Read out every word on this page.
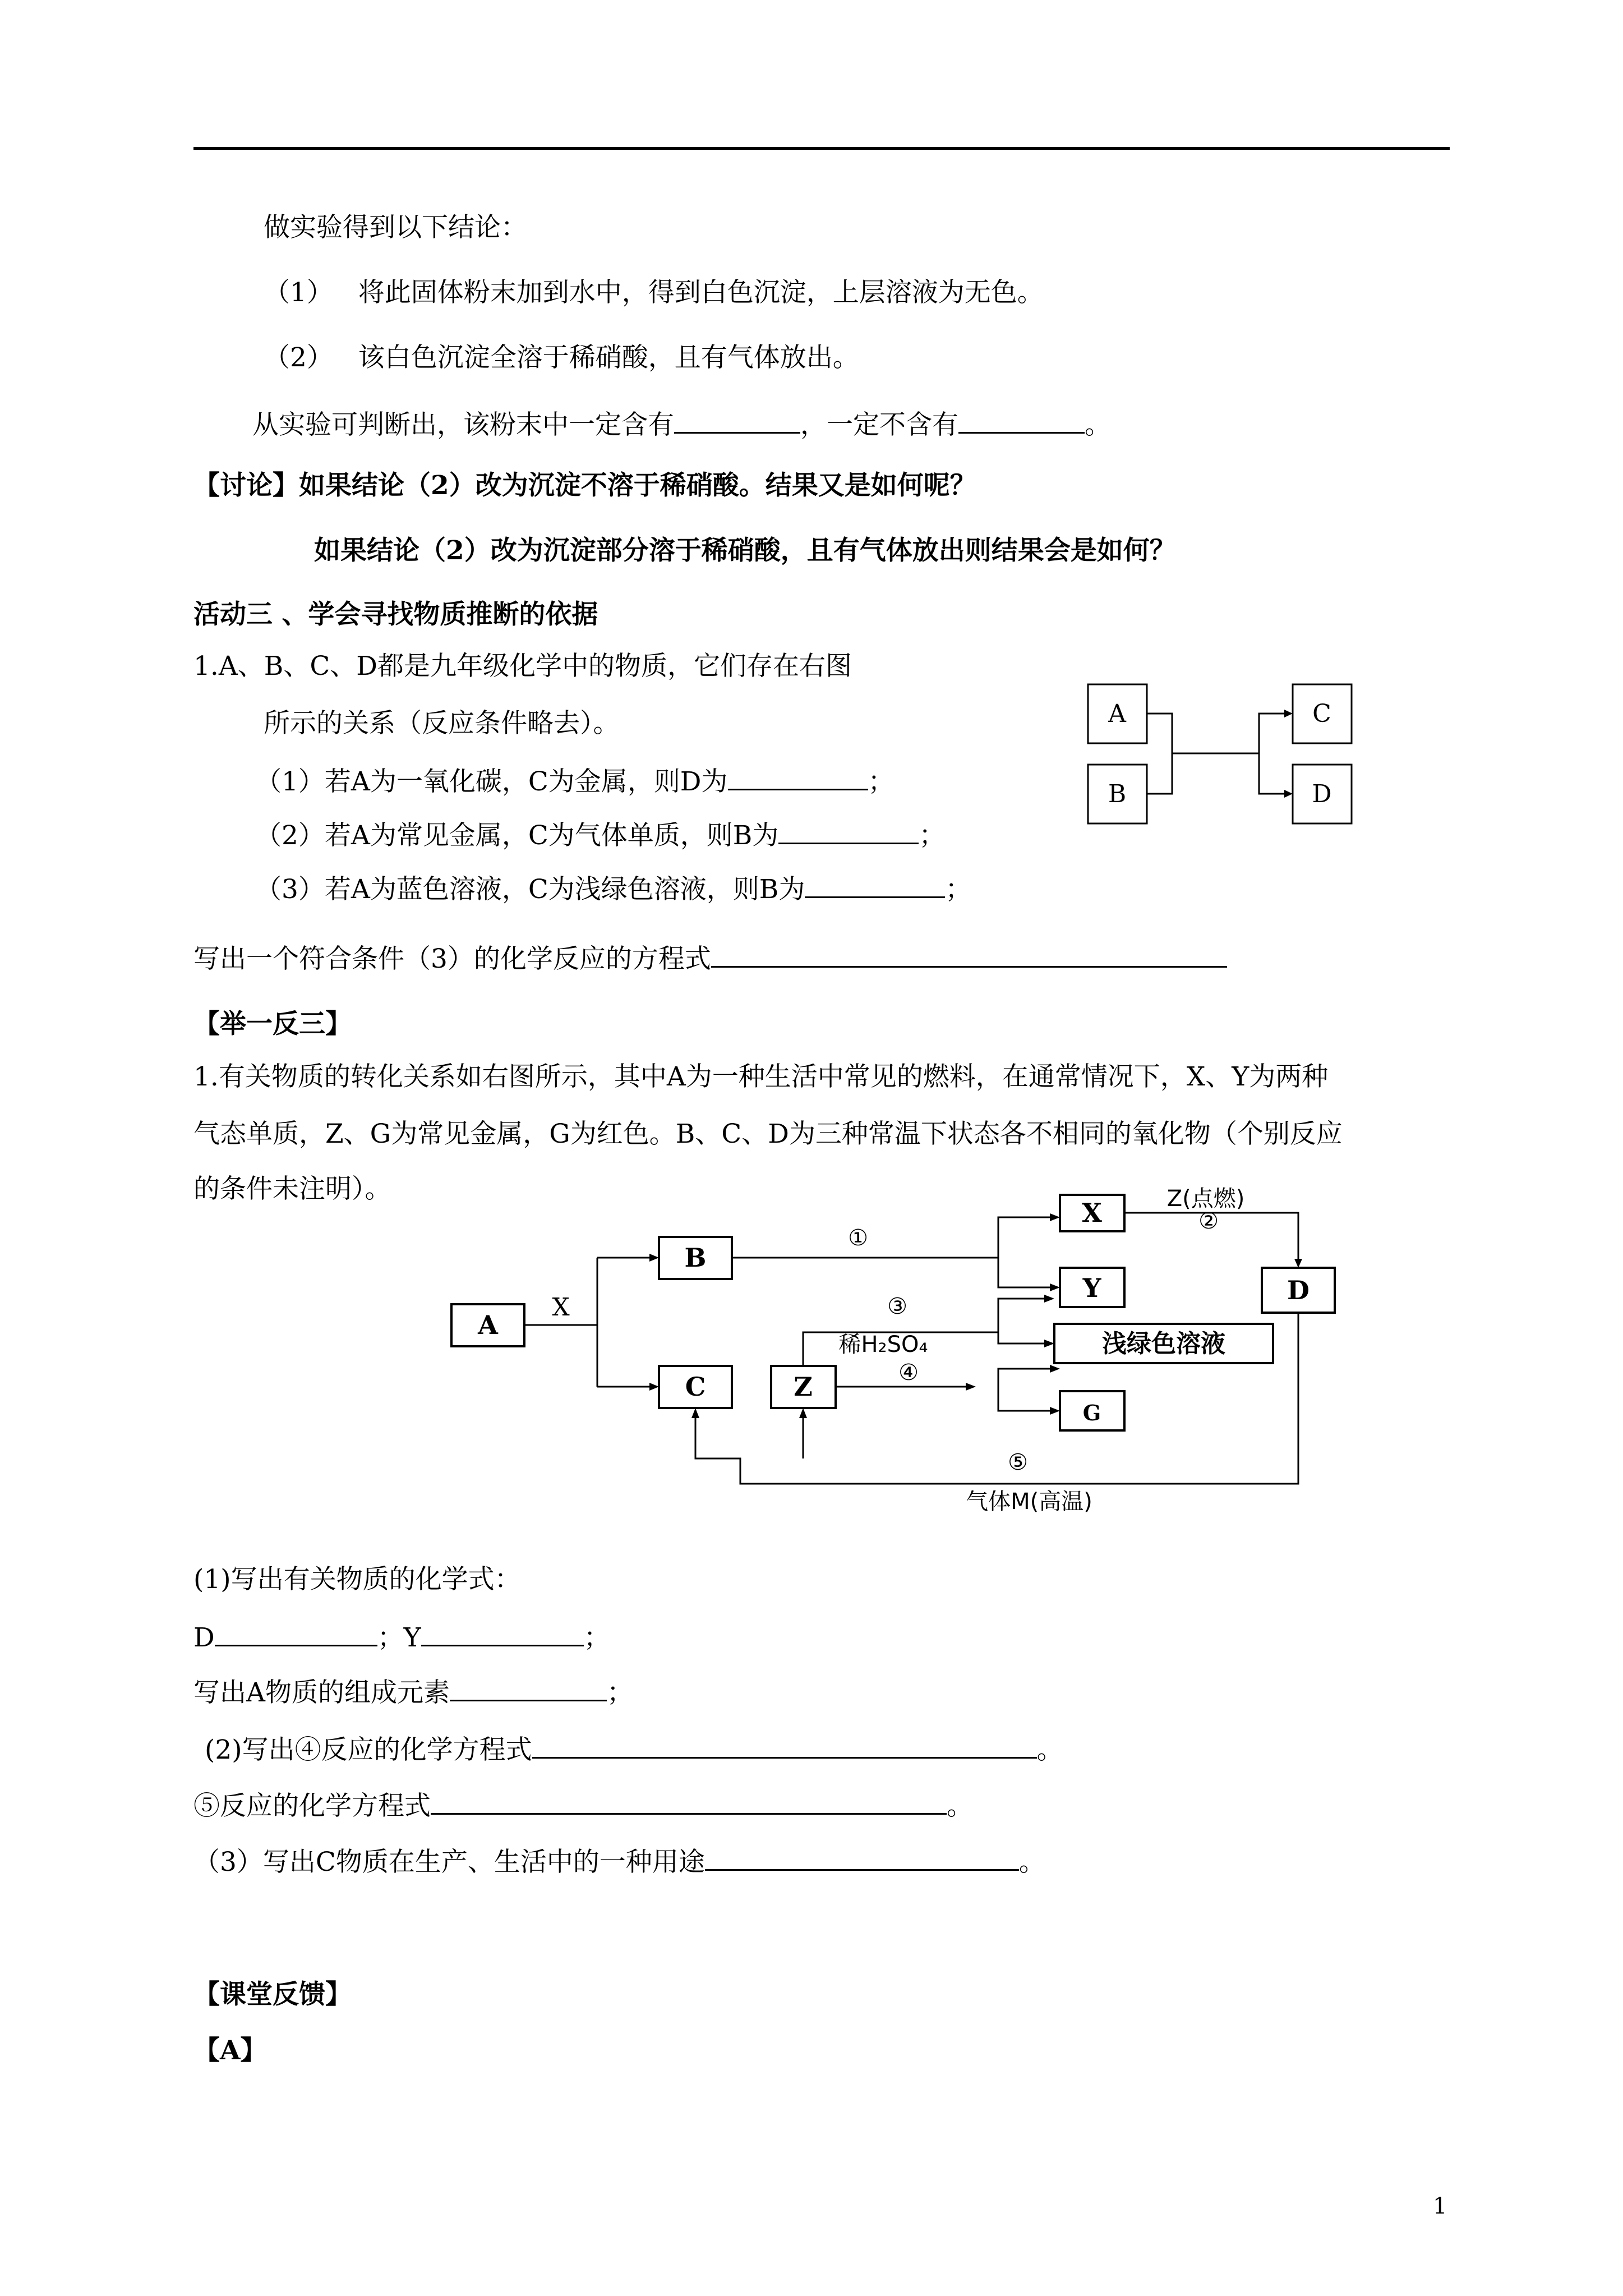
做实验得到以下结论：
（1） 将此固体粉末加到水中，得到白色沉淀，上层溶液为无色。
（2） 该白色沉淀全溶于稀硝酸，且有气体放出。
从实验可判断出，该粉末中一定含有	，一定不含有	。
【讨论】如果结论（2）改为沉淀不溶于稀硝酸。结果又是如何呢？
如果结论（2）改为沉淀部分溶于稀硝酸，且有气体放出则结果会是如何？
活动三 、学会寻找物质推断的依据
1.A、B、C、D都是九年级化学中的物质，它们存在右图
所示的关系（反应条件略去）。
（1）若A为一氧化碳，C为金属，则D为	；
（2）若A为常见金属，C为气体单质，则B为	；
（3）若A为蓝色溶液，C为浅绿色溶液，则B为	；
写出一个符合条件（3）的化学反应的方程式
A
B
C
D
【举一反三】
1.有关物质的转化关系如右图所示，其中A为一种生活中常见的燃料，在通常情况下，X、Y为两种
气态单质，Z、G为常见金属，G为红色。B、C、D为三种常温下状态各不相同的氧化物（个别反应
的条件未注明）。
A
B
C	Z
X
Y
G
D
浅绿色溶液
X
①
②
③
④
⑤
Z(点燃)
稀H₂SO₄
气体M(高温)
(1)写出有关物质的化学式：
D	；Y	；
写出A物质的组成元素	；
(2)写出④反应的化学方程式	。
⑤反应的化学方程式	。
（3）写出C物质在生产、生活中的一种用途	。
【课堂反馈】
【A】
1
